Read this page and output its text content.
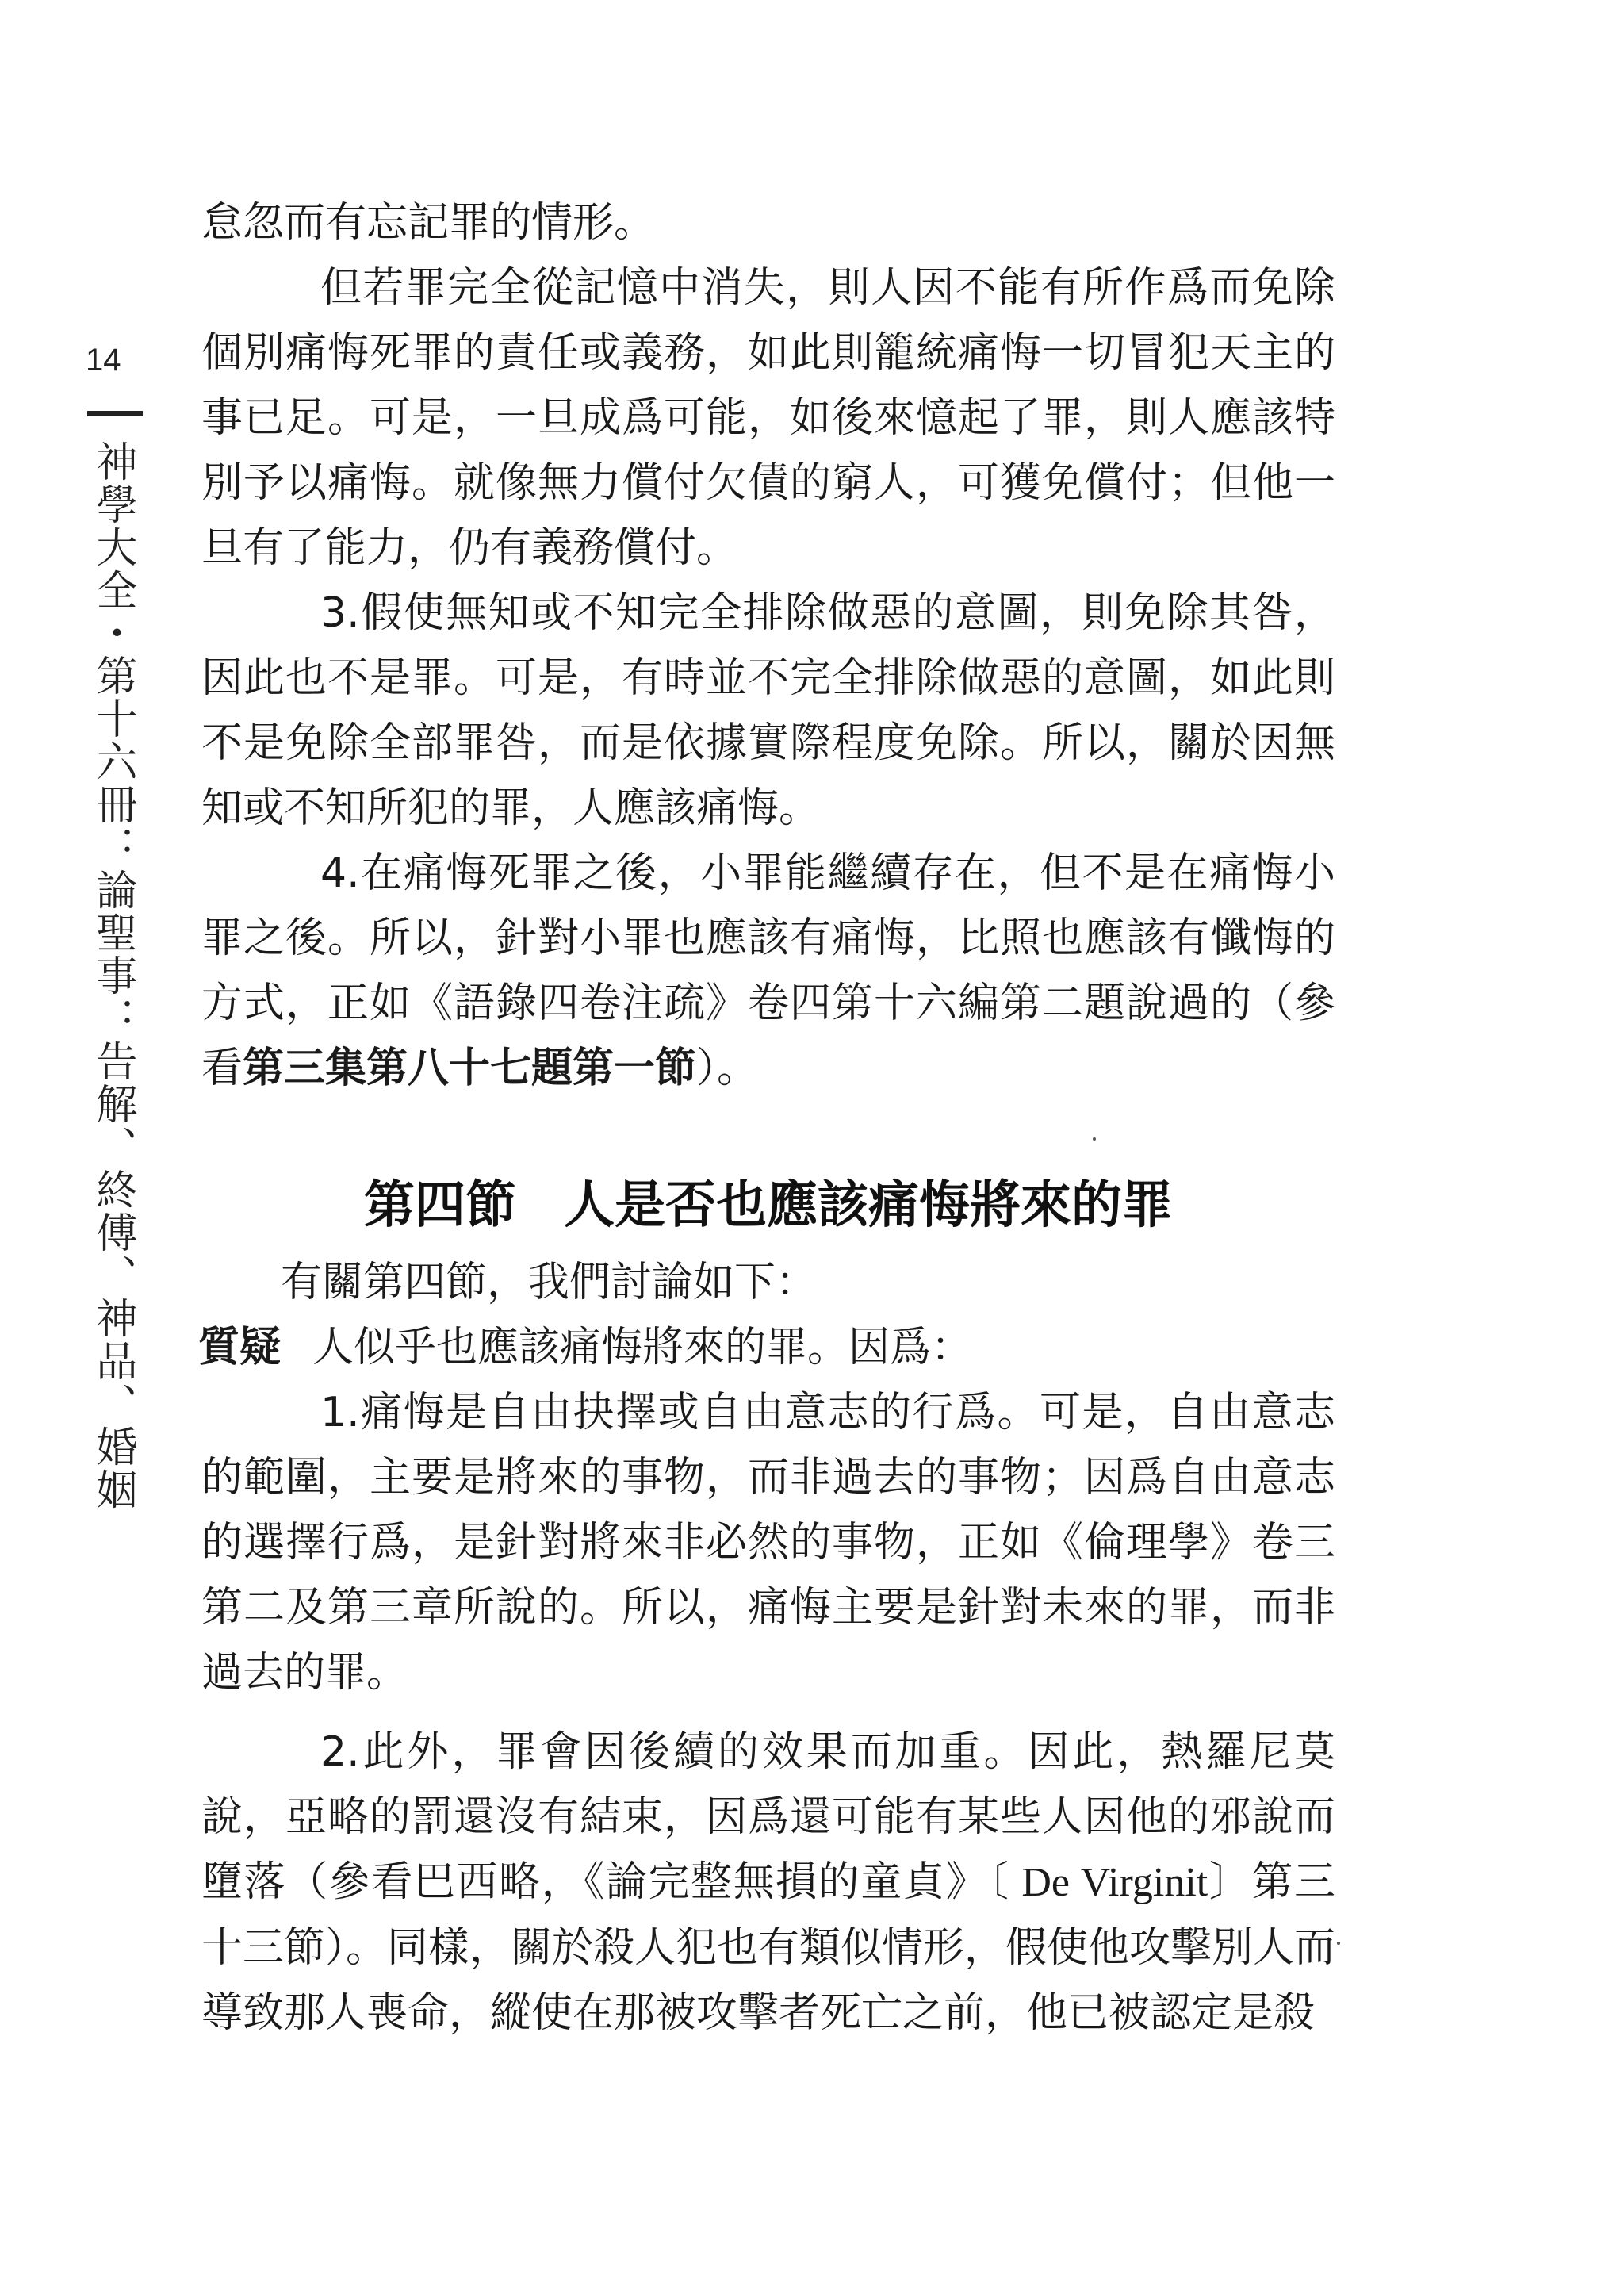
14
神學大全・第十六冊：論聖事：告解、終傅、神品、婚姻

怠忽而有忘記罪的情形。

但若罪完全從記憶中消失，則人因不能有所作爲而免除個別痛悔死罪的責任或義務，如此則籠統痛悔一切冒犯天主的事已足。可是，一旦成爲可能，如後來憶起了罪，則人應該特別予以痛悔。就像無力償付欠債的窮人，可獲免償付；但他一旦有了能力，仍有義務償付。

3.假使無知或不知完全排除做惡的意圖，則免除其咎，因此也不是罪。可是，有時並不完全排除做惡的意圖，如此則不是免除全部罪咎，而是依據實際程度免除。所以，關於因無知或不知所犯的罪，人應該痛悔。

4.在痛悔死罪之後，小罪能繼續存在，但不是在痛悔小罪之後。所以，針對小罪也應該有痛悔，比照也應該有懺悔的方式，正如《語錄四卷注疏》卷四第十六編第二題說過的（參看第三集第八十七題第一節）。

第四節 人是否也應該痛悔將來的罪

有關第四節，我們討論如下：

質疑 人似乎也應該痛悔將來的罪。因爲：

1.痛悔是自由抉擇或自由意志的行爲。可是，自由意志的範圍，主要是將來的事物，而非過去的事物；因爲自由意志的選擇行爲，是針對將來非必然的事物，正如《倫理學》卷三第二及第三章所說的。所以，痛悔主要是針對未來的罪，而非過去的罪。

2.此外，罪會因後續的效果而加重。因此，熱羅尼莫說，亞略的罰還沒有結束，因爲還可能有某些人因他的邪說而墮落（參看巴西略，《論完整無損的童貞》〔 De Virginit〕第三十三節）。同樣，關於殺人犯也有類似情形，假使他攻擊別人而導致那人喪命，縱使在那被攻擊者死亡之前，他已被認定是殺
